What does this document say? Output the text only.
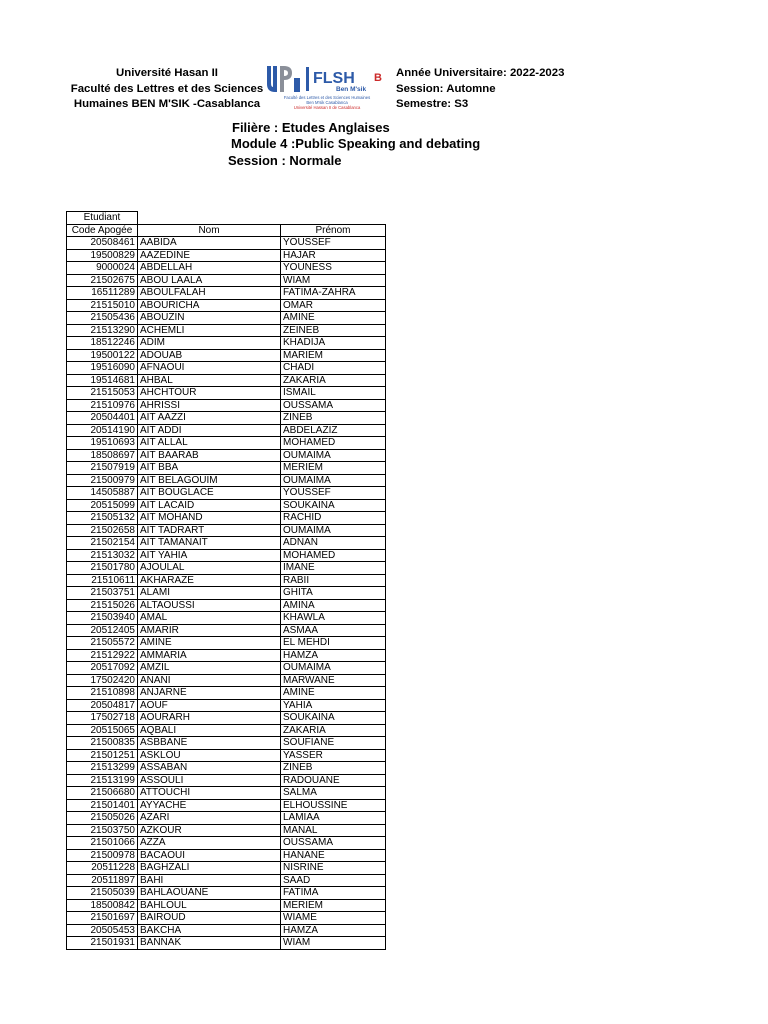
Université Hasan II
Faculté des Lettres et des Sciences
Humaines BEN M'SIK -Casablanca
FLSH B
Ben M'sik
Faculté des Lettres et des Sciences Humaines
Ben M'sik Casablanca
Université Hassan II de Casablanca
Année Universitaire: 2022-2023
Session: Automne
Semestre: S3
Filière : Etudes Anglaises
Module 4 :Public Speaking and debating
Session : Normale
Etudiant		
Code Apogée	Nom	Prénom
20508461	AABIDA	YOUSSEF
19500829	AAZEDINE	HAJAR
9000024	ABDELLAH	YOUNESS
21502675	ABOU LAALA	WIAM
16511289	ABOULFALAH	FATIMA-ZAHRA
21515010	ABOURICHA	OMAR
21505436	ABOUZIN	AMINE
21513290	ACHEMLI	ZEINEB
18512246	ADIM	KHADIJA
19500122	ADOUAB	MARIEM
19516090	AFNAOUI	CHADI
19514681	AHBAL	ZAKARIA
21515053	AHCHTOUR	ISMAIL
21510976	AHRISSI	OUSSAMA
20504401	AIT AAZZI	ZINEB
20514190	AIT ADDI	ABDELAZIZ
19510693	AIT ALLAL	MOHAMED
18508697	AIT BAARAB	OUMAIMA
21507919	AIT BBA	MERIEM
21500979	AIT BELAGOUIM	OUMAIMA
14505887	AIT BOUGLACE	YOUSSEF
20515099	AIT LACAID	SOUKAINA
21505132	AIT MOHAND	RACHID
21502658	AIT TADRART	OUMAIMA
21502154	AIT TAMANAIT	ADNAN
21513032	AIT YAHIA	MOHAMED
21501780	AJOULAL	IMANE
21510611	AKHARAZE	RABII
21503751	ALAMI	GHITA
21515026	ALTAOUSSI	AMINA
21503940	AMAL	KHAWLA
20512405	AMARIR	ASMAA
21505572	AMINE	EL MEHDI
21512922	AMMARIA	HAMZA
20517092	AMZIL	OUMAIMA
17502420	ANANI	MARWANE
21510898	ANJARNE	AMINE
20504817	AOUF	YAHIA
17502718	AOURARH	SOUKAINA
20515065	AQBALI	ZAKARIA
21500835	ASBBANE	SOUFIANE
21501251	ASKLOU	YASSER
21513299	ASSABAN	ZINEB
21513199	ASSOULI	RADOUANE
21506680	ATTOUCHI	SALMA
21501401	AYYACHE	ELHOUSSINE
21505026	AZARI	LAMIAA
21503750	AZKOUR	MANAL
21501066	AZZA	OUSSAMA
21500978	BACAOUI	HANANE
20511228	BAGHZALI	NISRINE
20511897	BAHI	SAAD
21505039	BAHLAOUANE	FATIMA
18500842	BAHLOUL	MERIEM
21501697	BAIROUD	WIAME
20505453	BAKCHA	HAMZA
21501931	BANNAK	WIAM
